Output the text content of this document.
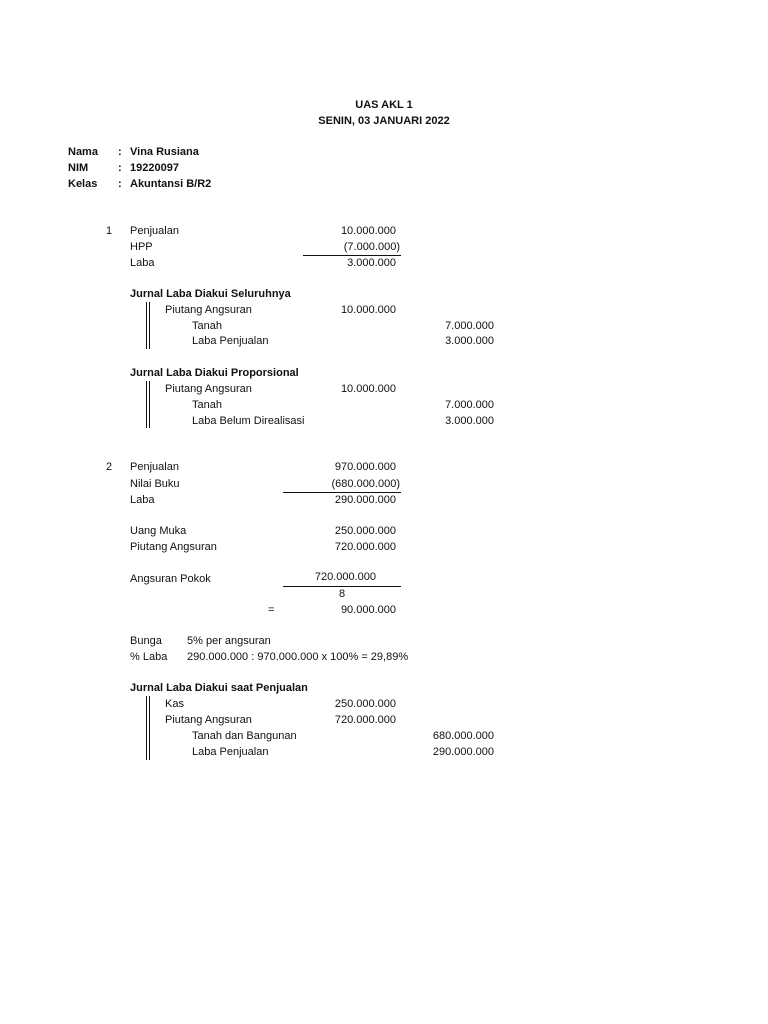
UAS AKL 1
SENIN, 03 JANUARI 2022
Nama : Vina Rusiana
NIM	: 19220097
Kelas : Akuntansi B/R2
1 Penjualan	10.000.000
HPP	(7.000.000)
Laba	3.000.000
Jurnal Laba Diakui Seluruhnya
Piutang Angsuran	10.000.000
Tanah	7.000.000
Laba Penjualan	3.000.000
Jurnal Laba Diakui Proporsional
Piutang Angsuran	10.000.000
Tanah	7.000.000
Laba Belum Direalisasi	3.000.000
2 Penjualan	970.000.000
Nilai Buku	(680.000.000)
Laba	290.000.000
Uang Muka	250.000.000
Piutang Angsuran	720.000.000
Angsuran Pokok	720.000.000
8
=	90.000.000
Bunga 5% per angsuran
% Laba 290.000.000 : 970.000.000 x 100% = 29,89%
Jurnal Laba Diakui saat Penjualan
Kas	250.000.000
Piutang Angsuran	720.000.000
Tanah dan Bangunan	680.000.000
Laba Penjualan	290.000.000
